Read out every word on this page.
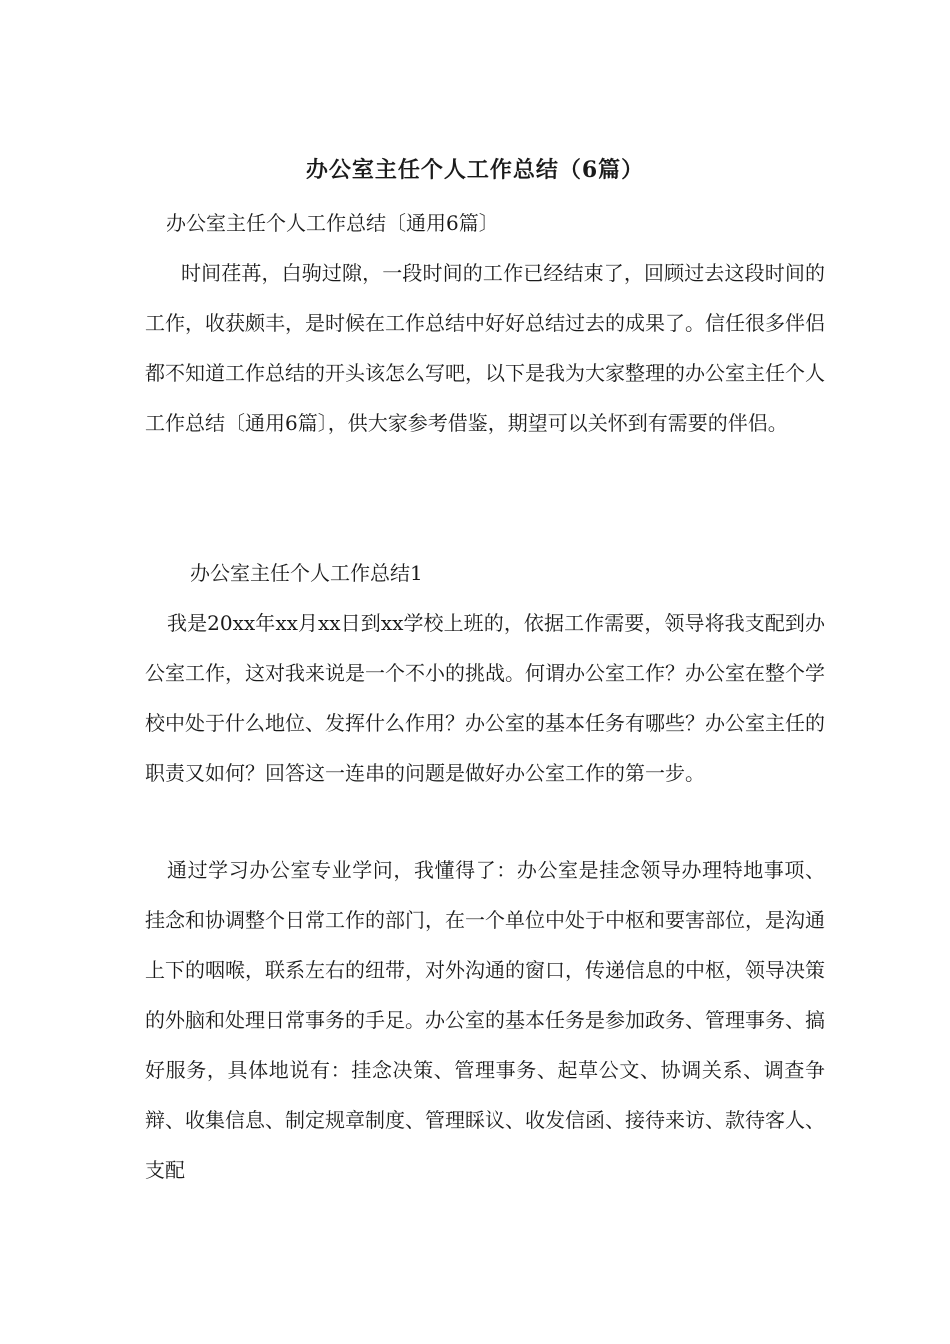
办公室主任个人工作总结（6篇）
办公室主任个人工作总结〔通用6篇〕

时间荏苒，白驹过隙，一段时间的工作已经结束了，回顾过去这段时间的工作，收获颇丰，是时候在工作总结中好好总结过去的成果了。信任很多伴侣都不知道工作总结的开头该怎么写吧，以下是我为大家整理的办公室主任个人工作总结〔通用6篇〕，供大家参考借鉴，期望可以关怀到有需要的伴侣。

办公室主任个人工作总结1

我是20xx年xx月xx日到xx学校上班的，依据工作需要，领导将我支配到办公室工作，这对我来说是一个不小的挑战。何谓办公室工作？办公室在整个学校中处于什么地位、发挥什么作用？办公室的基本任务有哪些？办公室主任的职责又如何？回答这一连串的问题是做好办公室工作的第一步。

通过学习办公室专业学问，我懂得了：办公室是挂念领导办理特地事项、挂念和协调整个日常工作的部门，在一个单位中处于中枢和要害部位，是沟通上下的咽喉，联系左右的纽带，对外沟通的窗口，传递信息的中枢，领导决策的外脑和处理日常事务的手足。办公室的基本任务是参加政务、管理事务、搞好服务，具体地说有：挂念决策、管理事务、起草公文、协调关系、调查争辩、收集信息、制定规章制度、管理睬议、收发信函、接待来访、款待客人、支配
